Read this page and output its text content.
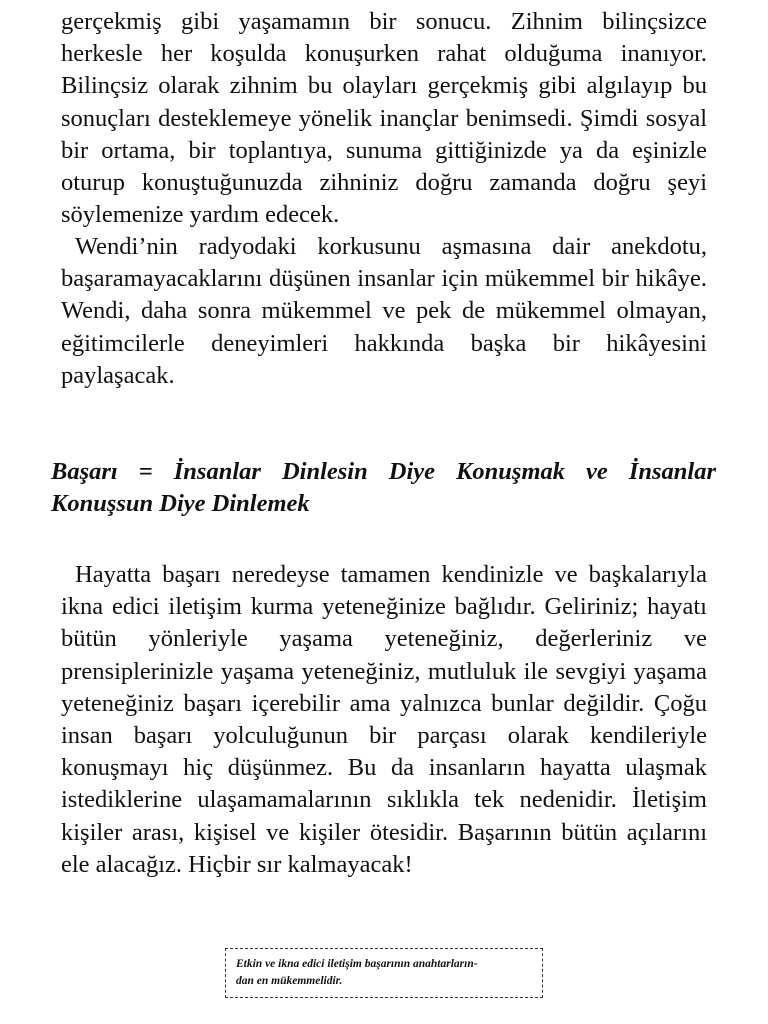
gerçekmiş gibi yaşamamın bir sonucu. Zihnim bilinçsizce herkesle her koşulda konuşurken rahat olduğuma inanıyor. Bilinçsiz olarak zihnim bu olayları gerçekmiş gibi algılayıp bu sonuçları desteklemeye yönelik inançlar benimsedi. Şimdi sosyal bir ortama, bir toplantıya, sunuma gittiğinizde ya da eşinizle oturup konuştuğunuzda zihniniz doğru zamanda doğru şeyi söylemenize yardım edecek.

Wendi’nin radyodaki korkusunu aşmasına dair anekdotu, başaramayacaklarını düşünen insanlar için mükemmel bir hikâye. Wendi, daha sonra mükemmel ve pek de mükemmel olmayan, eğitimcilerle deneyimleri hakkında başka bir hikâyesini paylaşacak.

Başarı = İnsanlar Dinlesin Diye Konuşmak ve İnsanlar Konuşsun Diye Dinlemek

Hayatta başarı neredeyse tamamen kendinizle ve başkalarıyla ikna edici iletişim kurma yeteneğinize bağlıdır. Geliriniz; hayatı bütün yönleriyle yaşama yeteneğiniz, değerleriniz ve prensiplerinizle yaşama yeteneğiniz, mutluluk ile sevgiyi yaşama yeteneğiniz başarı içerebilir ama yalnızca bunlar değildir. Çoğu insan başarı yolculuğunun bir parçası olarak kendileriyle konuşmayı hiç düşünmez. Bu da insanların hayatta ulaşmak istediklerine ulaşamamalarının sıklıkla tek nedenidir. İletişim kişiler arası, kişisel ve kişiler ötesidir. Başarının bütün açılarını ele alacağız. Hiçbir sır kalmayacak!

Etkin ve ikna edici iletişim başarının anahtarların-
dan en mükemmelidir.
